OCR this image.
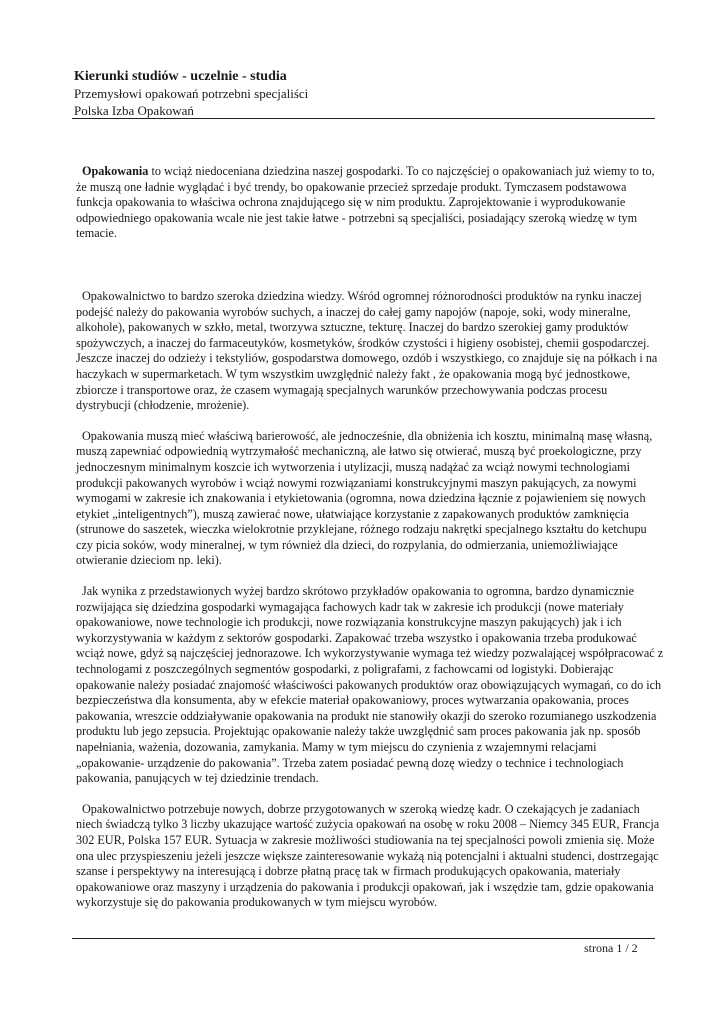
Kierunki studiów - uczelnie - studia

Przemysłowi opakowań potrzebni specjaliści

Polska Izba Opakowań

Opakowania to wciąż niedoceniana dziedzina naszej gospodarki. To co najczęściej o opakowaniach już wiemy to to, że muszą one ładnie wyglądać i być trendy, bo opakowanie przecież sprzedaje produkt. Tymczasem podstawowa funkcja opakowania to właściwa ochrona znajdującego się w nim produktu. Zaprojektowanie i wyprodukowanie odpowiedniego opakowania wcale nie jest takie łatwe - potrzebni są specjaliści, posiadający szeroką wiedzę w tym temacie.

Opakowalnictwo to bardzo szeroka dziedzina wiedzy. Wśród ogromnej różnorodności produktów na rynku inaczej podejść należy do pakowania wyrobów suchych, a inaczej do całej gamy napojów (napoje, soki, wody mineralne, alkohole), pakowanych w szkło, metal, tworzywa sztuczne, tekturę. Inaczej do bardzo szerokiej gamy produktów spożywczych, a inaczej do farmaceutyków, kosmetyków, środków czystości i higieny osobistej, chemii gospodarczej. Jeszcze inaczej do odzieży i tekstyliów, gospodarstwa domowego, ozdób i wszystkiego, co znajduje się na półkach i na haczykach w supermarketach. W tym wszystkim uwzględnić należy fakt , że opakowania mogą być jednostkowe, zbiorcze i transportowe oraz, że czasem wymagają specjalnych warunków przechowywania podczas procesu dystrybucji (chłodzenie, mrożenie).

Opakowania muszą mieć właściwą barierowość, ale jednocześnie, dla obniżenia ich kosztu, minimalną masę własną, muszą zapewniać odpowiednią wytrzymałość mechaniczną, ale łatwo się otwierać, muszą być proekologiczne, przy jednoczesnym minimalnym koszcie ich wytworzenia i utylizacji, muszą nadążać za wciąż nowymi technologiami produkcji pakowanych wyrobów i wciąż nowymi rozwiązaniami konstrukcyjnymi maszyn pakujących, za nowymi wymogami w zakresie ich znakowania i etykietowania (ogromna, nowa dziedzina łącznie z pojawieniem się nowych etykiet „inteligentnych”), muszą zawierać nowe, ułatwiające korzystanie z zapakowanych produktów zamknięcia (strunowe do saszetek, wieczka wielokrotnie przyklejane, różnego rodzaju nakrętki specjalnego kształtu do ketchupu czy picia soków, wody mineralnej, w tym również dla dzieci, do rozpylania, do odmierzania, uniemożliwiające otwieranie dzieciom np. leki).

Jak wynika z przedstawionych wyżej bardzo skrótowo przykładów opakowania to ogromna, bardzo dynamicznie rozwijająca się dziedzina gospodarki wymagająca fachowych kadr tak w zakresie ich produkcji (nowe materiały opakowaniowe, nowe technologie ich produkcji, nowe rozwiązania konstrukcyjne maszyn pakujących) jak i ich wykorzystywania w każdym z sektorów gospodarki. Zapakować trzeba wszystko i opakowania trzeba produkować wciąż nowe, gdyż są najczęściej jednorazowe. Ich wykorzystywanie wymaga też wiedzy pozwalającej współpracować z technologami z poszczególnych segmentów gospodarki, z poligrafami, z fachowcami od logistyki. Dobierając opakowanie należy posiadać znajomość właściwości pakowanych produktów oraz obowiązujących wymagań, co do ich bezpieczeństwa dla konsumenta, aby w efekcie materiał opakowaniowy, proces wytwarzania opakowania, proces pakowania, wreszcie oddziaływanie opakowania na produkt nie stanowiły okazji do szeroko rozumianego uszkodzenia produktu lub jego zepsucia. Projektując opakowanie należy także uwzględnić sam proces pakowania jak np. sposób napełniania, ważenia, dozowania, zamykania. Mamy w tym miejscu do czynienia z wzajemnymi relacjami „opakowanie- urządzenie do pakowania”. Trzeba zatem posiadać pewną dozę wiedzy o technice i technologiach pakowania, panujących w tej dziedzinie trendach.

Opakowalnictwo potrzebuje nowych, dobrze przygotowanych w szeroką wiedzę kadr. O czekających je zadaniach niech świadczą tylko 3 liczby ukazujące wartość zużycia opakowań na osobę w roku 2008 – Niemcy 345 EUR, Francja 302 EUR, Polska 157 EUR. Sytuacja w zakresie możliwości studiowania na tej specjalności powoli zmienia się. Może ona ulec przyspieszeniu jeżeli jeszcze większe zainteresowanie wykażą nią potencjalni i aktualni studenci, dostrzegając szanse i perspektywy na interesującą i dobrze płatną pracę tak w firmach produkujących opakowania, materiały opakowaniowe oraz maszyny i urządzenia do pakowania i produkcji opakowań, jak i wszędzie tam, gdzie opakowania wykorzystuje się do pakowania produkowanych w tym miejscu wyrobów.

strona 1 / 2
